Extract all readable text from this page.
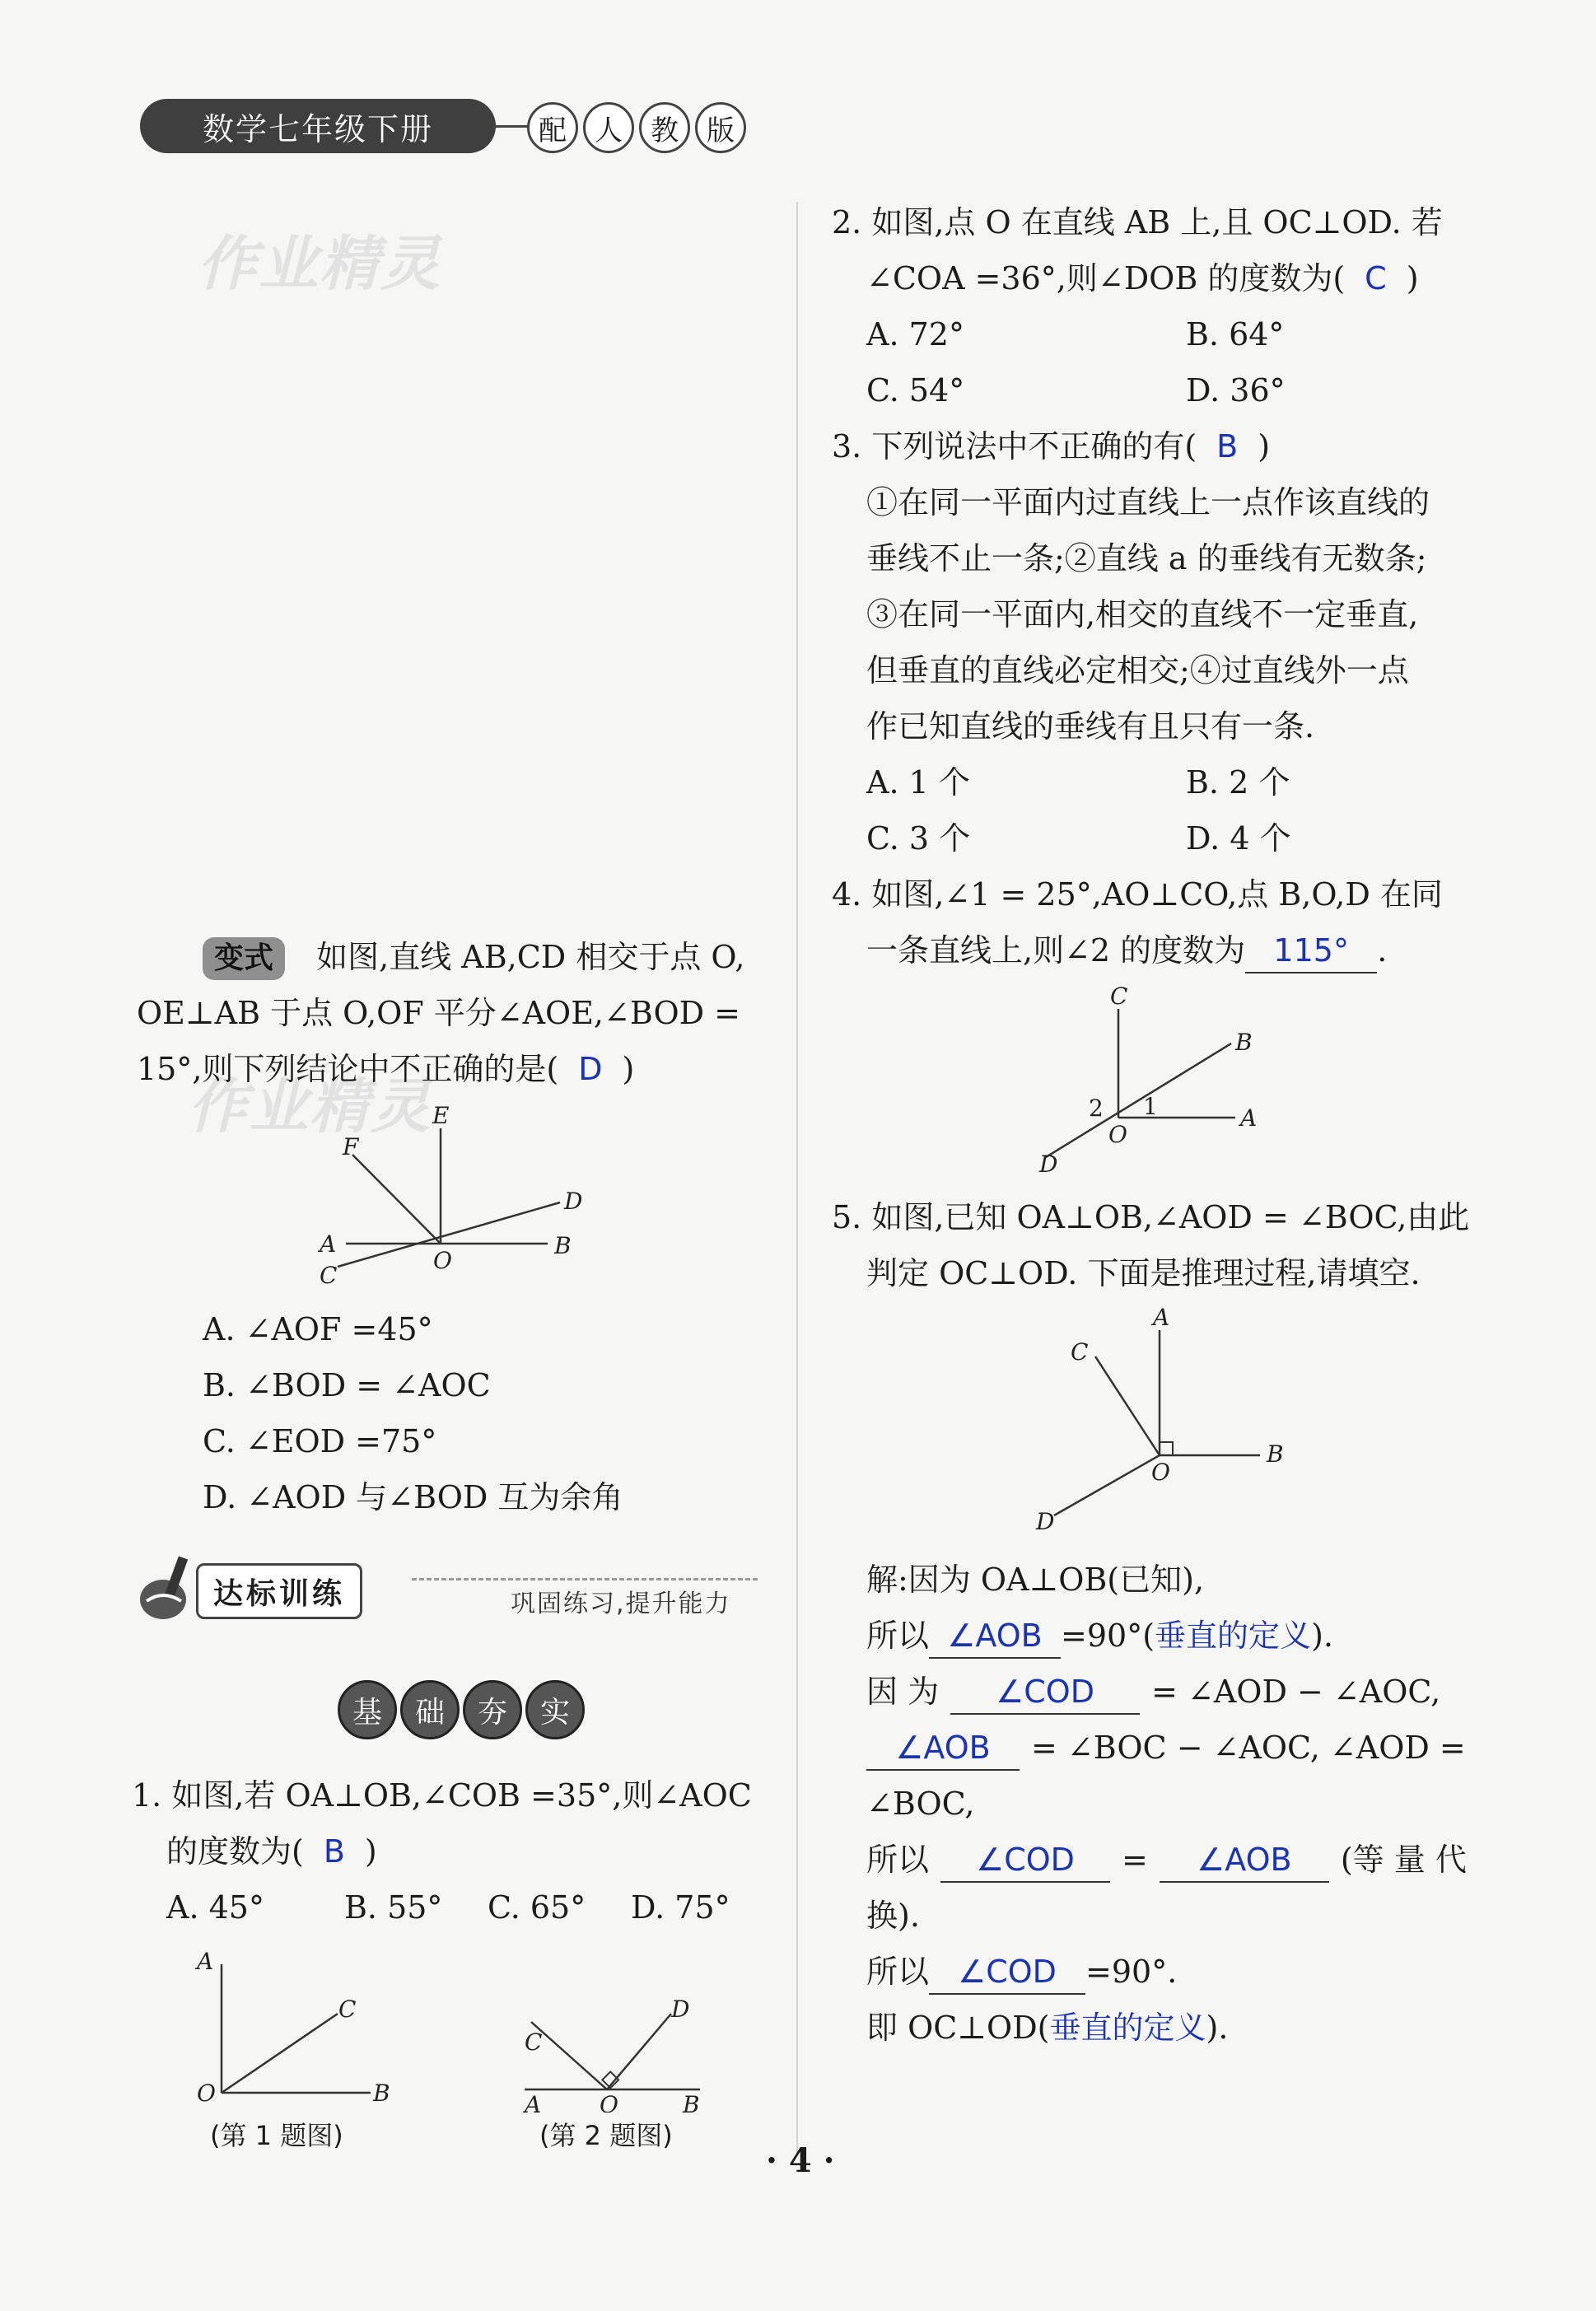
数学七年级下册	配	人	教	版
作业精灵
作业精灵
变式 如图,直线 AB,CD 相交于点 O,
OE⊥AB 于点 O,OF 平分∠AOE,∠BOD =
15°,则下列结论中不正确的是( D )
E
F
D
A	B
C
O
A. ∠AOF =45°
B. ∠BOD = ∠AOC
C. ∠EOD =75°
D. ∠AOD 与∠BOD 互为余角
达标训练	巩固练习,提升能力
基	础	夯	实
1. 如图,若 OA⊥OB,∠COB =35°,则∠AOC
的度数为( B )
A. 45°	B. 55° C. 65° D. 75°
A
C
O	B
C
D
A	O	B
(第 1 题图)	(第 2 题图)
2. 如图,点 O 在直线 AB 上,且 OC⊥OD. 若
∠COA =36°,则∠DOB 的度数为( C )
A. 72°	B. 64°
C. 54°	D. 36°
3. 下列说法中不正确的有( B )
①在同一平面内过直线上一点作该直线的
垂线不止一条;②直线 a 的垂线有无数条;
③在同一平面内,相交的直线不一定垂直,
但垂直的直线必定相交;④过直线外一点
作已知直线的垂线有且只有一条.
A. 1 个	B. 2 个
C. 3 个	D. 4 个
4. 如图,∠1 = 25°,AO⊥CO,点 B,O,D 在同
一条直线上,则∠2 的度数为 115° .
C
B
A
O
D
1
2
5. 如图,已知 OA⊥OB,∠AOD = ∠BOC,由此
判定 OC⊥OD. 下面是推理过程,请填空.
A
C
B
O
D
解:因为 OA⊥OB(已知),
所以 ∠AOB =90°(垂直的定义).
因 为 ∠COD = ∠AOD − ∠AOC,
∠AOB = ∠BOC − ∠AOC, ∠AOD =
∠BOC,
所以 ∠COD = ∠AOB (等 量 代
换).
所以 ∠COD =90°.
即 OC⊥OD(垂直的定义).
· 4 ·
